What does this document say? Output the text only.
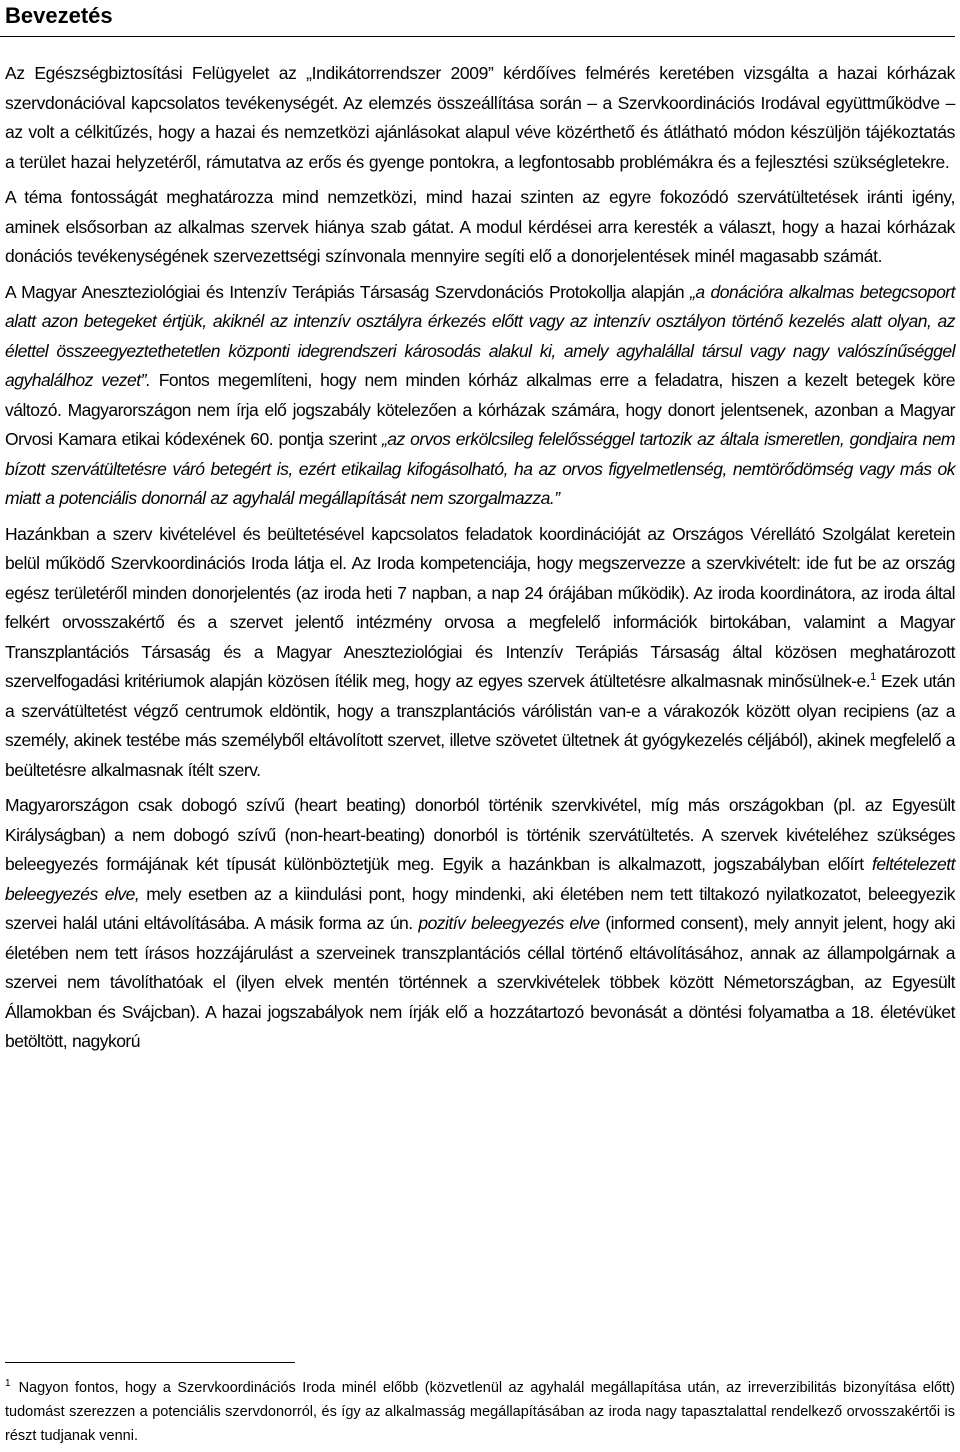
Bevezetés

Az Egészségbiztosítási Felügyelet az „Indikátorrendszer 2009” kérdőíves felmérés keretében vizsgálta a hazai kórházak szervdonációval kapcsolatos tevékenységét. Az elemzés összeállítása során – a Szervkoordinációs Irodával együttműködve – az volt a célkitűzés, hogy a hazai és nemzetközi ajánlásokat alapul véve közérthető és átlátható módon készüljön tájékoztatás a terület hazai helyzetéről, rámutatva az erős és gyenge pontokra, a legfontosabb problémákra és a fejlesztési szükségletekre.

A téma fontosságát meghatározza mind nemzetközi, mind hazai szinten az egyre fokozódó szervátültetések iránti igény, aminek elsősorban az alkalmas szervek hiánya szab gátat. A modul kérdései arra keresték a választ, hogy a hazai kórházak donációs tevékenységének szervezettségi színvonala mennyire segíti elő a donorjelentések minél magasabb számát.

A Magyar Aneszteziológiai és Intenzív Terápiás Társaság Szervdonációs Protokollja alapján „a donációra alkalmas betegcsoport alatt azon betegeket értjük, akiknél az intenzív osztályra érkezés előtt vagy az intenzív osztályon történő kezelés alatt olyan, az élettel összeegyeztethetetlen központi idegrendszeri károsodás alakul ki, amely agyhalállal társul vagy nagy valószínűséggel agyhalálhoz vezet”. Fontos megemlíteni, hogy nem minden kórház alkalmas erre a feladatra, hiszen a kezelt betegek köre változó. Magyarországon nem írja elő jogszabály kötelezően a kórházak számára, hogy donort jelentsenek, azonban a Magyar Orvosi Kamara etikai kódexének 60. pontja szerint „az orvos erkölcsileg felelősséggel tartozik az általa ismeretlen, gondjaira nem bízott szervátültetésre váró betegért is, ezért etikailag kifogásolható, ha az orvos figyelmetlenség, nemtörődömség vagy más ok miatt a potenciális donornál az agyhalál megállapítását nem szorgalmazza.”

Hazánkban a szerv kivételével és beültetésével kapcsolatos feladatok koordinációját az Országos Vérellátó Szolgálat keretein belül működő Szervkoordinációs Iroda látja el. Az Iroda kompetenciája, hogy megszervezze a szervkivételt: ide fut be az ország egész területéről minden donorjelentés (az iroda heti 7 napban, a nap 24 órájában működik). Az iroda koordinátora, az iroda által felkért orvosszakértő és a szervet jelentő intézmény orvosa a megfelelő információk birtokában, valamint a Magyar Transzplantációs Társaság és a Magyar Aneszteziológiai és Intenzív Terápiás Társaság által közösen meghatározott szervelfogadási kritériumok alapján közösen ítélik meg, hogy az egyes szervek átültetésre alkalmasnak minősülnek-e.$^1$ Ezek után a szervátültetést végző centrumok eldöntik, hogy a transzplantációs várólistán van-e a várakozók között olyan recipiens (az a személy, akinek testébe más személyből eltávolított szervet, illetve szövetet ültetnek át gyógykezelés céljából), akinek megfelelő a beültetésre alkalmasnak ítélt szerv.

Magyarországon csak dobogó szívű (heart beating) donorból történik szervkivétel, míg más országokban (pl. az Egyesült Királyságban) a nem dobogó szívű (non-heart-beating) donorból is történik szervátültetés. A szervek kivételéhez szükséges beleegyezés formájának két típusát különböztetjük meg. Egyik a hazánkban is alkalmazott, jogszabályban előírt feltételezett beleegyezés elve, mely esetben az a kiindulási pont, hogy mindenki, aki életében nem tett tiltakozó nyilatkozatot, beleegyezik szervei halál utáni eltávolításába. A másik forma az ún. pozitív beleegyezés elve (informed consent), mely annyit jelent, hogy aki életében nem tett írásos hozzájárulást a szerveinek transzplantációs céllal történő eltávolításához, annak az állampolgárnak a szervei nem távolíthatóak el (ilyen elvek mentén történnek a szervkivételek többek között Németországban, az Egyesült Államokban és Svájcban). A hazai jogszabályok nem írják elő a hozzátartozó bevonását a döntési folyamatba a 18. életévüket betöltött, nagykorú

$^1$ Nagyon fontos, hogy a Szervkoordinációs Iroda minél előbb (közvetlenül az agyhalál megállapítása után, az irreverzibilitás bizonyítása előtt) tudomást szerezzen a potenciális szervdonorról, és így az alkalmasság megállapításában az iroda nagy tapasztalattal rendelkező orvosszakértői is részt tudjanak venni.
